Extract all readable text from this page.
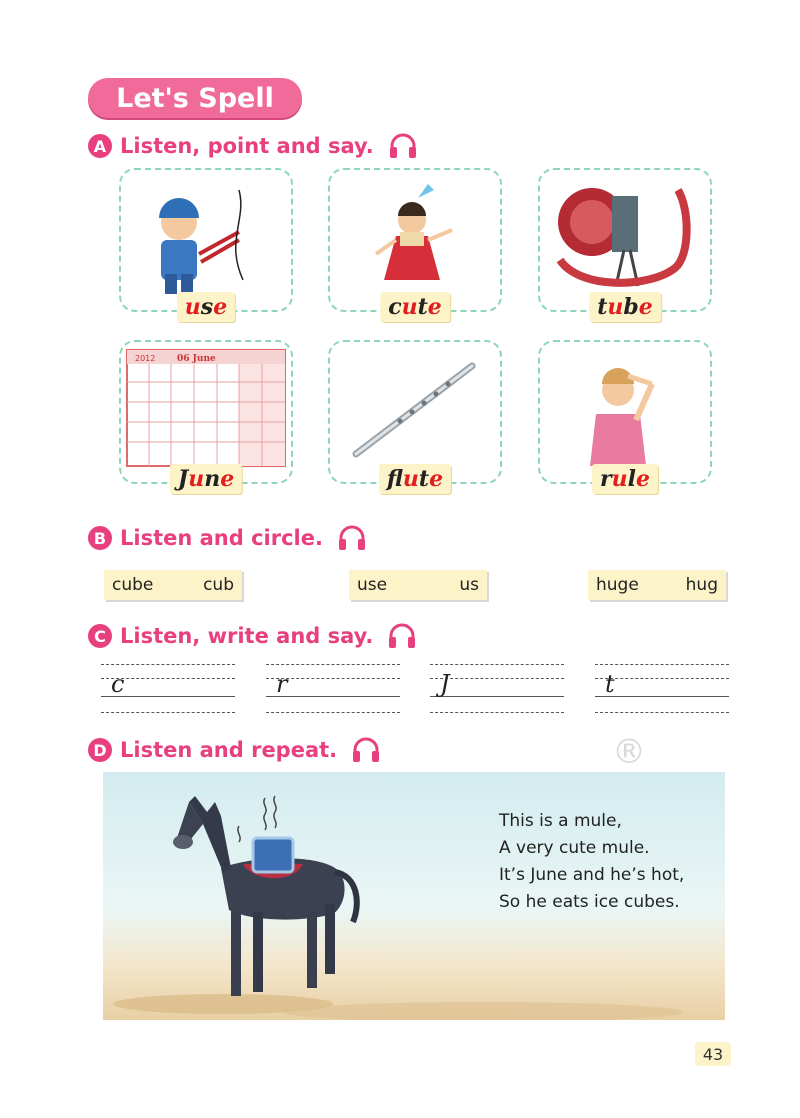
Let's Spell
A Listen, point and say.
use	cute	tube
2012 06 June
June	flute	rule
B Listen and circle.
cube	cub	use	us	huge	hug
C Listen, write and say.
c	r	J	t
D Listen and repeat.	®
This is a mule,
A very cute mule.
It’s June and he’s hot,
So he eats ice cubes.
43
